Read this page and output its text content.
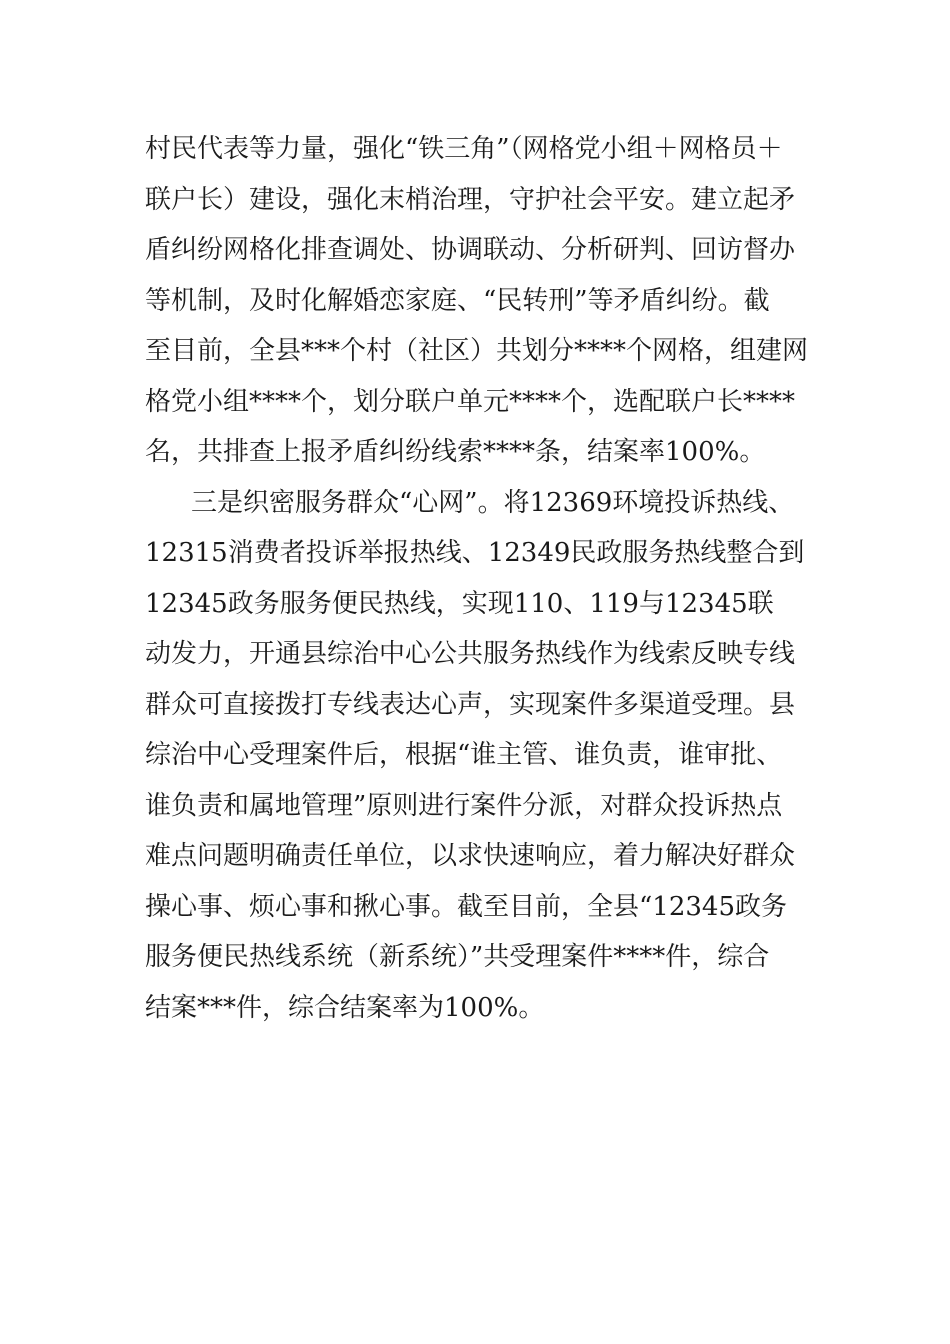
村民代表等力量，强化“铁三角”（网格党小组＋网格员＋
联户长）建设，强化末梢治理，守护社会平安。建立起矛
盾纠纷网格化排查调处、协调联动、分析研判、回访督办
等机制，及时化解婚恋家庭、“民转刑”等矛盾纠纷。截
至目前，全县***个村（社区）共划分****个网格，组建网
格党小组****个，划分联户单元****个，选配联户长****
名，共排查上报矛盾纠纷线索****条，结案率100%。
三是织密服务群众“心网”。将12369环境投诉热线、
12315消费者投诉举报热线、12349民政服务热线整合到
12345政务服务便民热线，实现110、119与12345联
动发力，开通县综治中心公共服务热线作为线索反映专线
群众可直接拨打专线表达心声，实现案件多渠道受理。县
综治中心受理案件后，根据“谁主管、谁负责，谁审批、
谁负责和属地管理”原则进行案件分派，对群众投诉热点
难点问题明确责任单位，以求快速响应，着力解决好群众
操心事、烦心事和揪心事。截至目前，全县“12345政务
服务便民热线系统（新系统）”共受理案件****件，综合
结案***件，综合结案率为100%。
